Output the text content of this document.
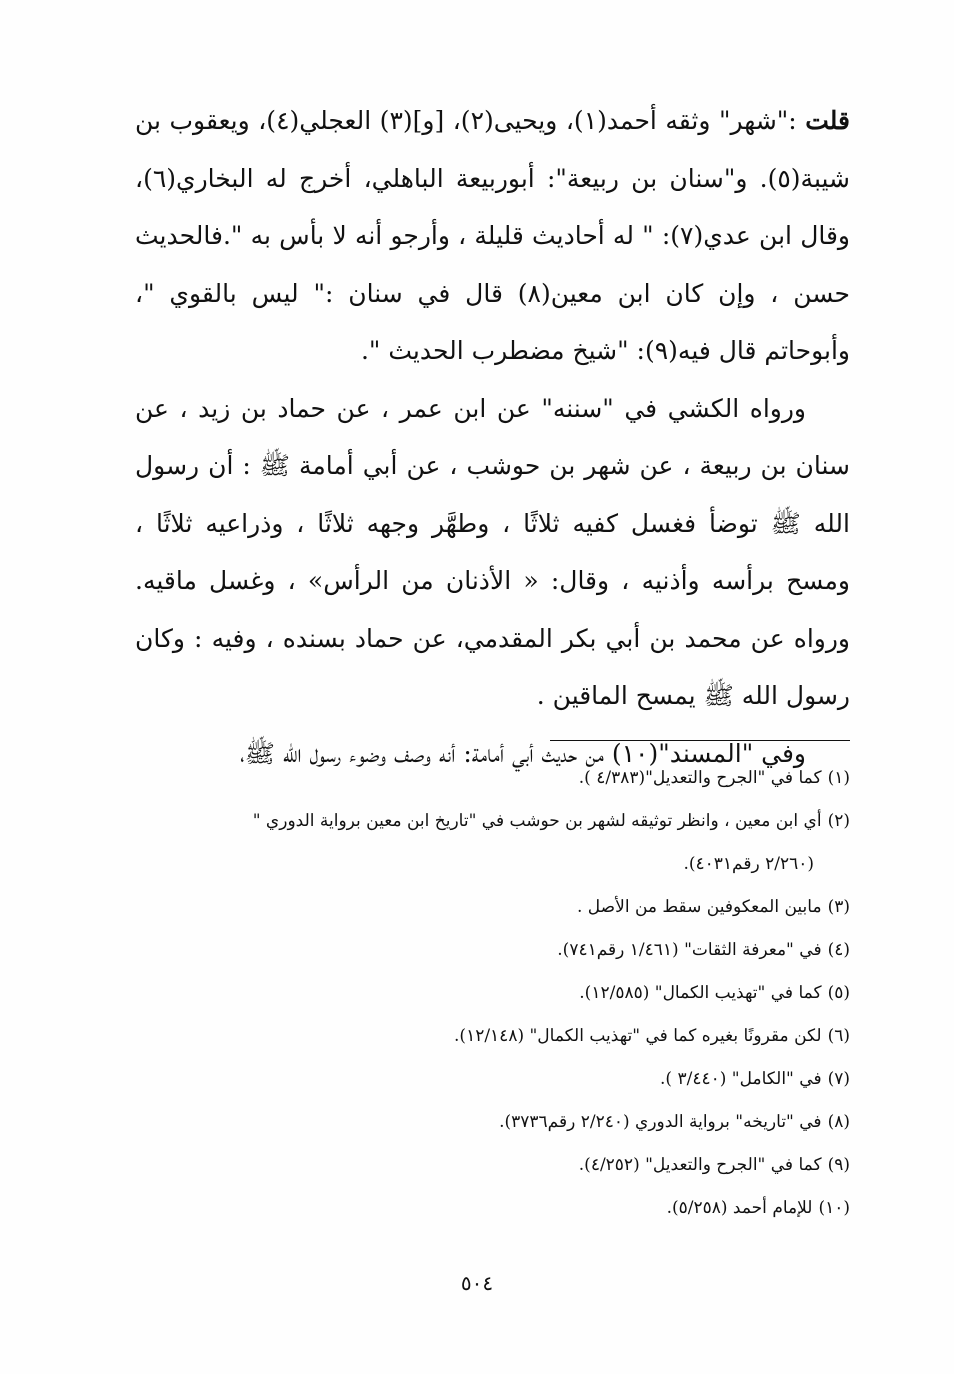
قلت :"شهر" وثقه أحمد(١)، ويحيى(٢)، [و](٣) العجلي(٤)، ويعقوب بن شيبة(٥). و"سنان بن ربيعة": أبوربيعة الباهلي، أخرج له البخاري(٦)، وقال ابن عدي(٧): " له أحاديث قليلة ، وأرجو أنه لا بأس به ".فالحديث حسن ، وإن كان ابن معين(٨) قال في سنان :" ليس بالقوي "، وأبوحاتم قال فيه(٩): "شيخ مضطرب الحديث ".

ورواه الكشي في "سننه" عن ابن عمر ، عن حماد بن زيد ، عن سنان بن ربيعة ، عن شهر بن حوشب ، عن أبي أمامة ﷺ : أن رسول الله ﷺ توضأ فغسل كفيه ثلاثًا ، وطهَّر وجهه ثلاثًا ، وذراعيه ثلاثًا ، ومسح برأسه وأذنيه ، وقال: « الأذنان من الرأس» ، وغسل ماقيه. ورواه عن محمد بن أبي بكر المقدمي، عن حماد بسنده ، وفيه : وكان رسول الله ﷺ يمسح الماقين .

وفي "المسند"(١٠) من حديث أبي أمامة: أنه وصف وضوء رسول الله ﷺ،

(١)كما في "الجرح والتعديل"(٤/٣٨٣ ).

(٢)أي ابن معين ، وانظر توثيقه لشهر بن حوشب في "تاريخ ابن معين برواية الدوري "

(٢/٢٦٠ رقم٤٠٣١).

(٣)مابين المعكوفين سقط من الأصل .

(٤)في "معرفة الثقات" (١/٤٦١ رقم٧٤١).

(٥)كما في "تهذيب الكمال" (١٢/٥٨٥).

(٦)لكن مقرونًا بغيره كما في "تهذيب الكمال" (١٢/١٤٨).

(٧)في "الكامل" (٣/٤٤٠ ).

(٨)في "تاريخه" برواية الدوري (٢/٢٤٠ رقم٣٧٣٦).

(٩)كما في "الجرح والتعديل" (٤/٢٥٢).

(١٠)للإمام أحمد (٥/٢٥٨).

٥٠٤
